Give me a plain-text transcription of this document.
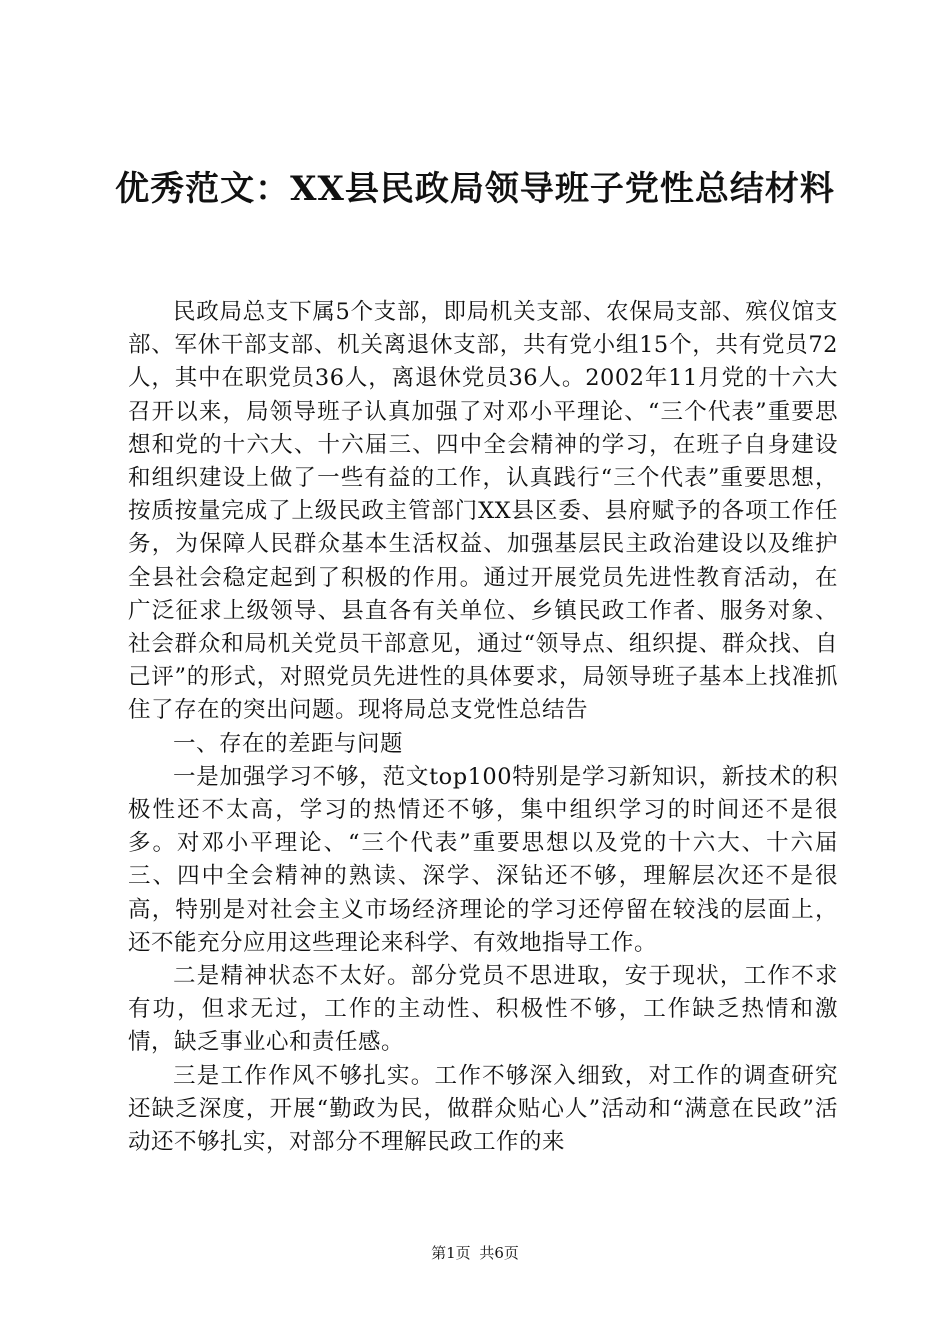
优秀范文：XX县民政局领导班子党性总结材料

民政局总支下属5个支部，即局机关支部、农保局支部、殡仪馆支部、军休干部支部、机关离退休支部，共有党小组15个，共有党员72人，其中在职党员36人，离退休党员36人。2002年11月党的十六大召开以来，局领导班子认真加强了对邓小平理论、“三个代表”重要思想和党的十六大、十六届三、四中全会精神的学习，在班子自身建设和组织建设上做了一些有益的工作，认真践行“三个代表”重要思想，按质按量完成了上级民政主管部门XX县区委、县府赋予的各项工作任务，为保障人民群众基本生活权益、加强基层民主政治建设以及维护全县社会稳定起到了积极的作用。通过开展党员先进性教育活动，在广泛征求上级领导、县直各有关单位、乡镇民政工作者、服务对象、社会群众和局机关党员干部意见，通过“领导点、组织提、群众找、自己评”的形式，对照党员先进性的具体要求，局领导班子基本上找准抓住了存在的突出问题。现将局总支党性总结告

一、存在的差距与问题

一是加强学习不够，范文top100特别是学习新知识，新技术的积极性还不太高，学习的热情还不够，集中组织学习的时间还不是很多。对邓小平理论、“三个代表”重要思想以及党的十六大、十六届三、四中全会精神的熟读、深学、深钻还不够，理解层次还不是很高，特别是对社会主义市场经济理论的学习还停留在较浅的层面上，还不能充分应用这些理论来科学、有效地指导工作。

二是精神状态不太好。部分党员不思进取，安于现状，工作不求有功，但求无过，工作的主动性、积极性不够，工作缺乏热情和激情，缺乏事业心和责任感。

三是工作作风不够扎实。工作不够深入细致，对工作的调查研究还缺乏深度，开展“勤政为民，做群众贴心人”活动和“满意在民政”活动还不够扎实，对部分不理解民政工作的来

第1页 共6页
